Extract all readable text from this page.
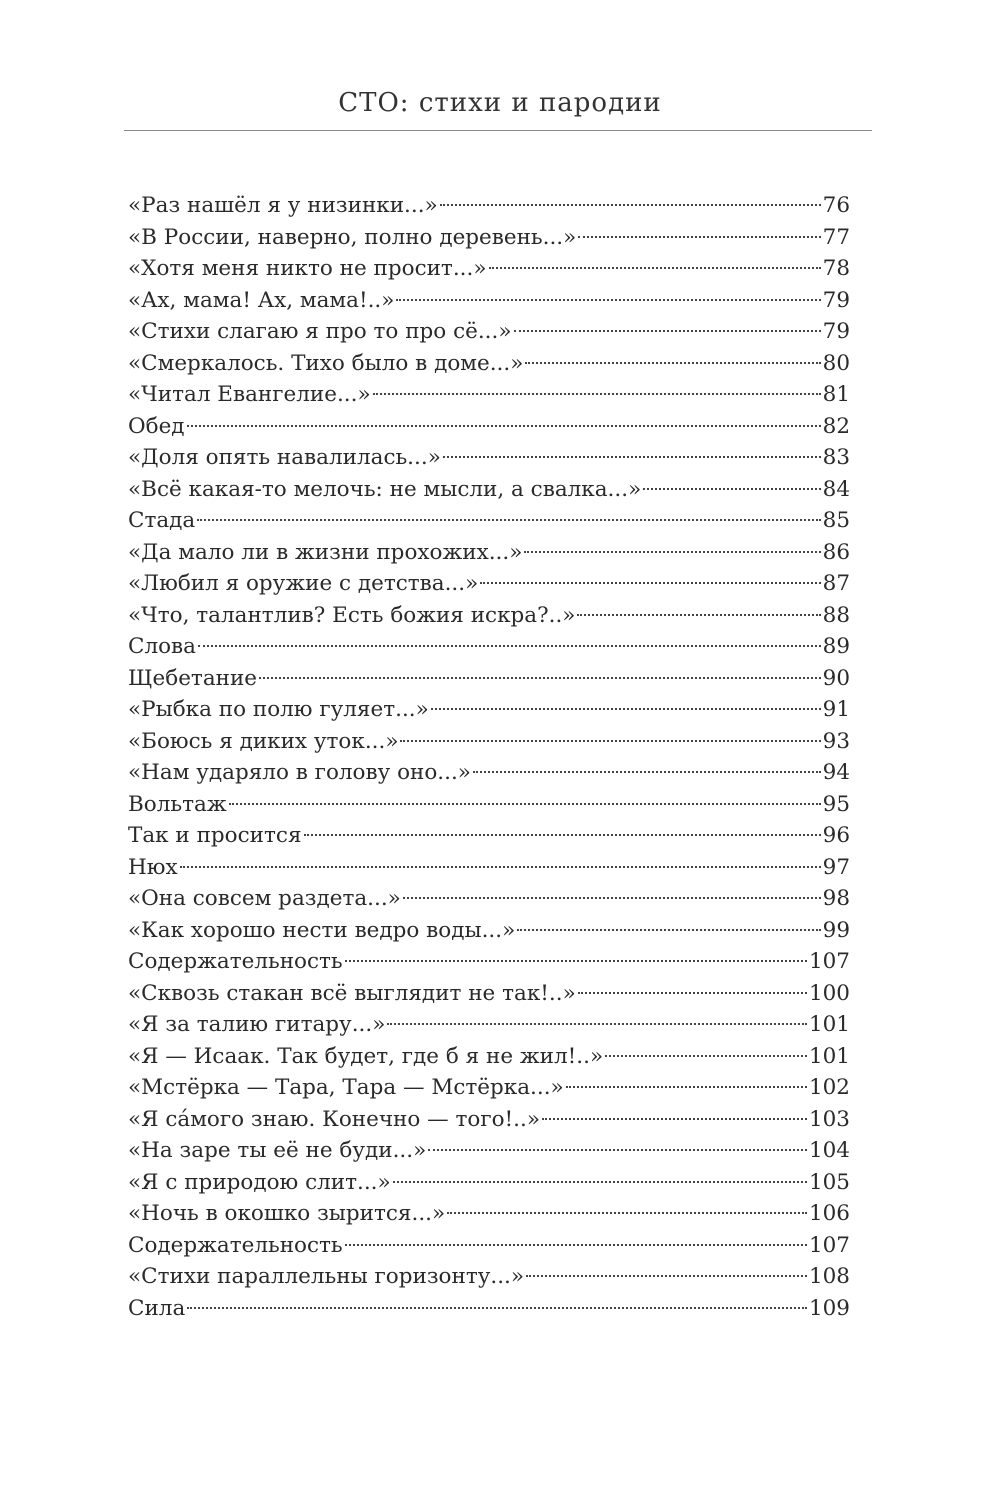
СТО: стихи и пародии
«Раз нашёл я у низинки...»	76
«В России, наверно, полно деревень...»	77
«Хотя меня никто не просит...»	78
«Ах, мама! Ах, мама!..»	79
«Стихи слагаю я про то про сё...»	79
«Смеркалось. Тихо было в доме...»	80
«Читал Евангелие...»	81
Обед	82
«Доля опять навалилась...»	83
«Всё какая-то мелочь: не мысли, а свалка...»	84
Стада	85
«Да мало ли в жизни прохожих...»	86
«Любил я оружие с детства...»	87
«Что, талантлив? Есть божия искра?..»	88
Слова	89
Щебетание	90
«Рыбка по полю гуляет...»	91
«Боюсь я диких уток...»	93
«Нам ударяло в голову оно...»	94
Вольтаж	95
Так и просится	96
Нюх	97
«Она совсем раздета...»	98
«Как хорошо нести ведро воды...»	99
Содержательность	107
«Сквозь стакан всё выглядит не так!..»	100
«Я за талию гитару...»	101
«Я — Исаак. Так будет, где б я не жил!..»	101
«Мстёрка — Тара, Тара — Мстёрка...»	102
«Я са́мого знаю. Конечно — того!..»	103
«На заре ты её не буди...»	104
«Я с природою слит...»	105
«Ночь в окошко зырится...»	106
Содержательность	107
«Стихи параллельны горизонту...»	108
Сила	109
